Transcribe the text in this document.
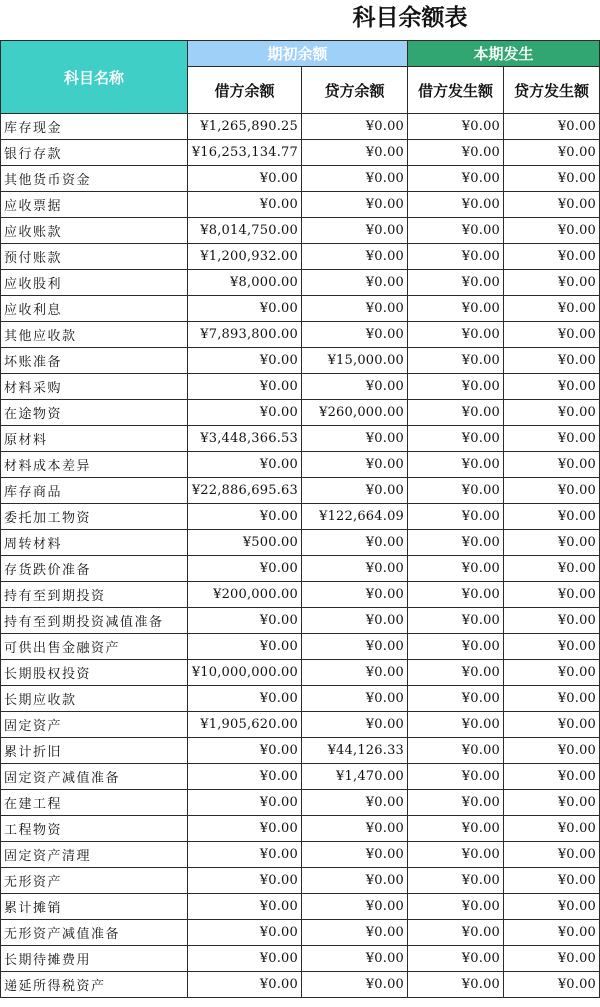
科目余额表
科目名称	期初余额		本期发生	
	借方余额	贷方余额	借方发生额	贷方发生额
库存现金	¥1,265,890.25	¥0.00	¥0.00	¥0.00
银行存款	¥16,253,134.77	¥0.00	¥0.00	¥0.00
其他货币资金	¥0.00	¥0.00	¥0.00	¥0.00
应收票据	¥0.00	¥0.00	¥0.00	¥0.00
应收账款	¥8,014,750.00	¥0.00	¥0.00	¥0.00
预付账款	¥1,200,932.00	¥0.00	¥0.00	¥0.00
应收股利	¥8,000.00	¥0.00	¥0.00	¥0.00
应收利息	¥0.00	¥0.00	¥0.00	¥0.00
其他应收款	¥7,893,800.00	¥0.00	¥0.00	¥0.00
坏账准备	¥0.00	¥15,000.00	¥0.00	¥0.00
材料采购	¥0.00	¥0.00	¥0.00	¥0.00
在途物资	¥0.00	¥260,000.00	¥0.00	¥0.00
原材料	¥3,448,366.53	¥0.00	¥0.00	¥0.00
材料成本差异	¥0.00	¥0.00	¥0.00	¥0.00
库存商品	¥22,886,695.63	¥0.00	¥0.00	¥0.00
委托加工物资	¥0.00	¥122,664.09	¥0.00	¥0.00
周转材料	¥500.00	¥0.00	¥0.00	¥0.00
存货跌价准备	¥0.00	¥0.00	¥0.00	¥0.00
持有至到期投资	¥200,000.00	¥0.00	¥0.00	¥0.00
持有至到期投资减值准备	¥0.00	¥0.00	¥0.00	¥0.00
可供出售金融资产	¥0.00	¥0.00	¥0.00	¥0.00
长期股权投资	¥10,000,000.00	¥0.00	¥0.00	¥0.00
长期应收款	¥0.00	¥0.00	¥0.00	¥0.00
固定资产	¥1,905,620.00	¥0.00	¥0.00	¥0.00
累计折旧	¥0.00	¥44,126.33	¥0.00	¥0.00
固定资产减值准备	¥0.00	¥1,470.00	¥0.00	¥0.00
在建工程	¥0.00	¥0.00	¥0.00	¥0.00
工程物资	¥0.00	¥0.00	¥0.00	¥0.00
固定资产清理	¥0.00	¥0.00	¥0.00	¥0.00
无形资产	¥0.00	¥0.00	¥0.00	¥0.00
累计摊销	¥0.00	¥0.00	¥0.00	¥0.00
无形资产减值准备	¥0.00	¥0.00	¥0.00	¥0.00
长期待摊费用	¥0.00	¥0.00	¥0.00	¥0.00
递延所得税资产	¥0.00	¥0.00	¥0.00	¥0.00
